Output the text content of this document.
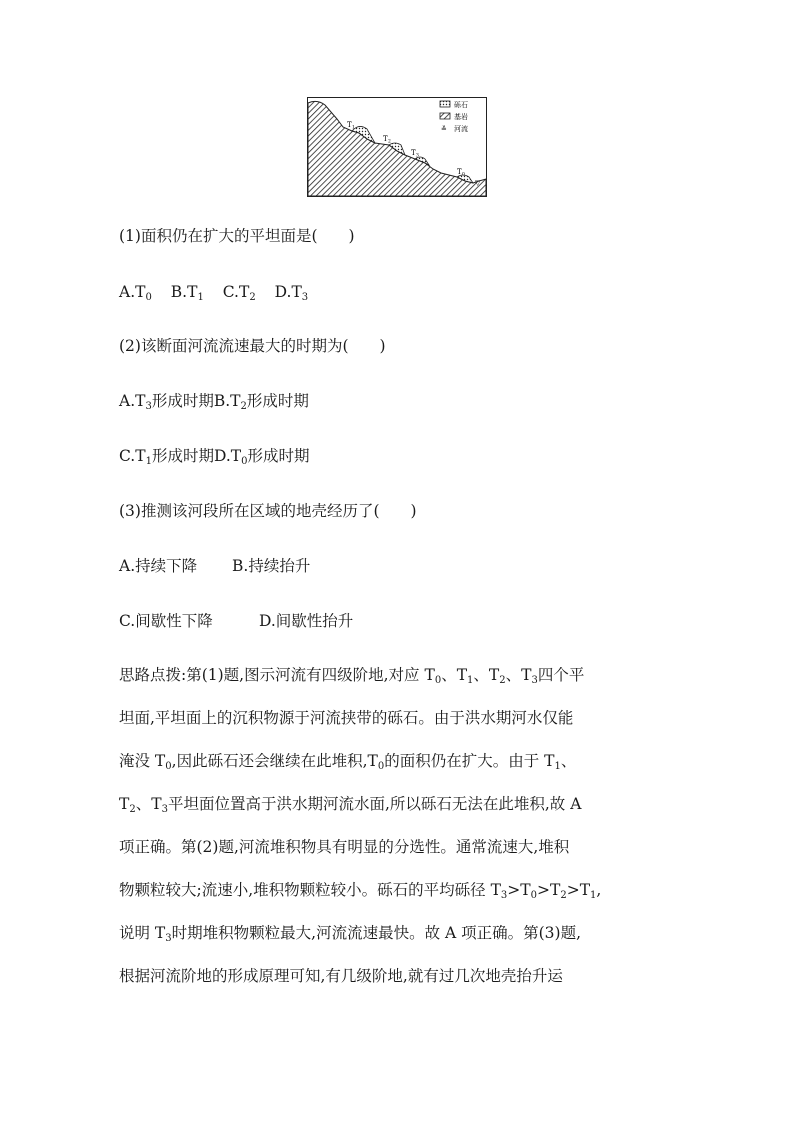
T
T
T
T
1
2
3
0
▽
砾石
基岩
≚ 河流
(1)面积仍在扩大的平坦面是(　　)
$A.T_0$ $B.T_1$ $C.T_2$ $D.T_3$
(2)该断面河流流速最大的时期为(　　)
$A.T_3$形成时期$B.T_2$形成时期
$C.T_1$形成时期$D.T_0$形成时期
(3)推测该河段所在区域的地壳经历了(　　)
A.持续下降 B.持续抬升
C.间歇性下降	D.间歇性抬升
思路点拨:第(1)题,图示河流有四级阶地,对应 $T_0$、$T_1$、$T_2$、$T_3$四个平
坦面,平坦面上的沉积物源于河流挟带的砾石。由于洪水期河水仅能
淹没 $T_0$,因此砾石还会继续在此堆积$,T_0$的面积仍在扩大。由于 $T_1$、
$T_2$、$T_3$平坦面位置高于洪水期河流水面,所以砾石无法在此堆积,故 A
项正确。第(2)题,河流堆积物具有明显的分选性。通常流速大,堆积
物颗粒较大;流速小,堆积物颗粒较小。砾石的平均砾径 $T_3>T_0>T_2>T_1$,
说明 $T_3$时期堆积物颗粒最大,河流流速最快。故 A 项正确。第(3)题,
根据河流阶地的形成原理可知,有几级阶地,就有过几次地壳抬升运
